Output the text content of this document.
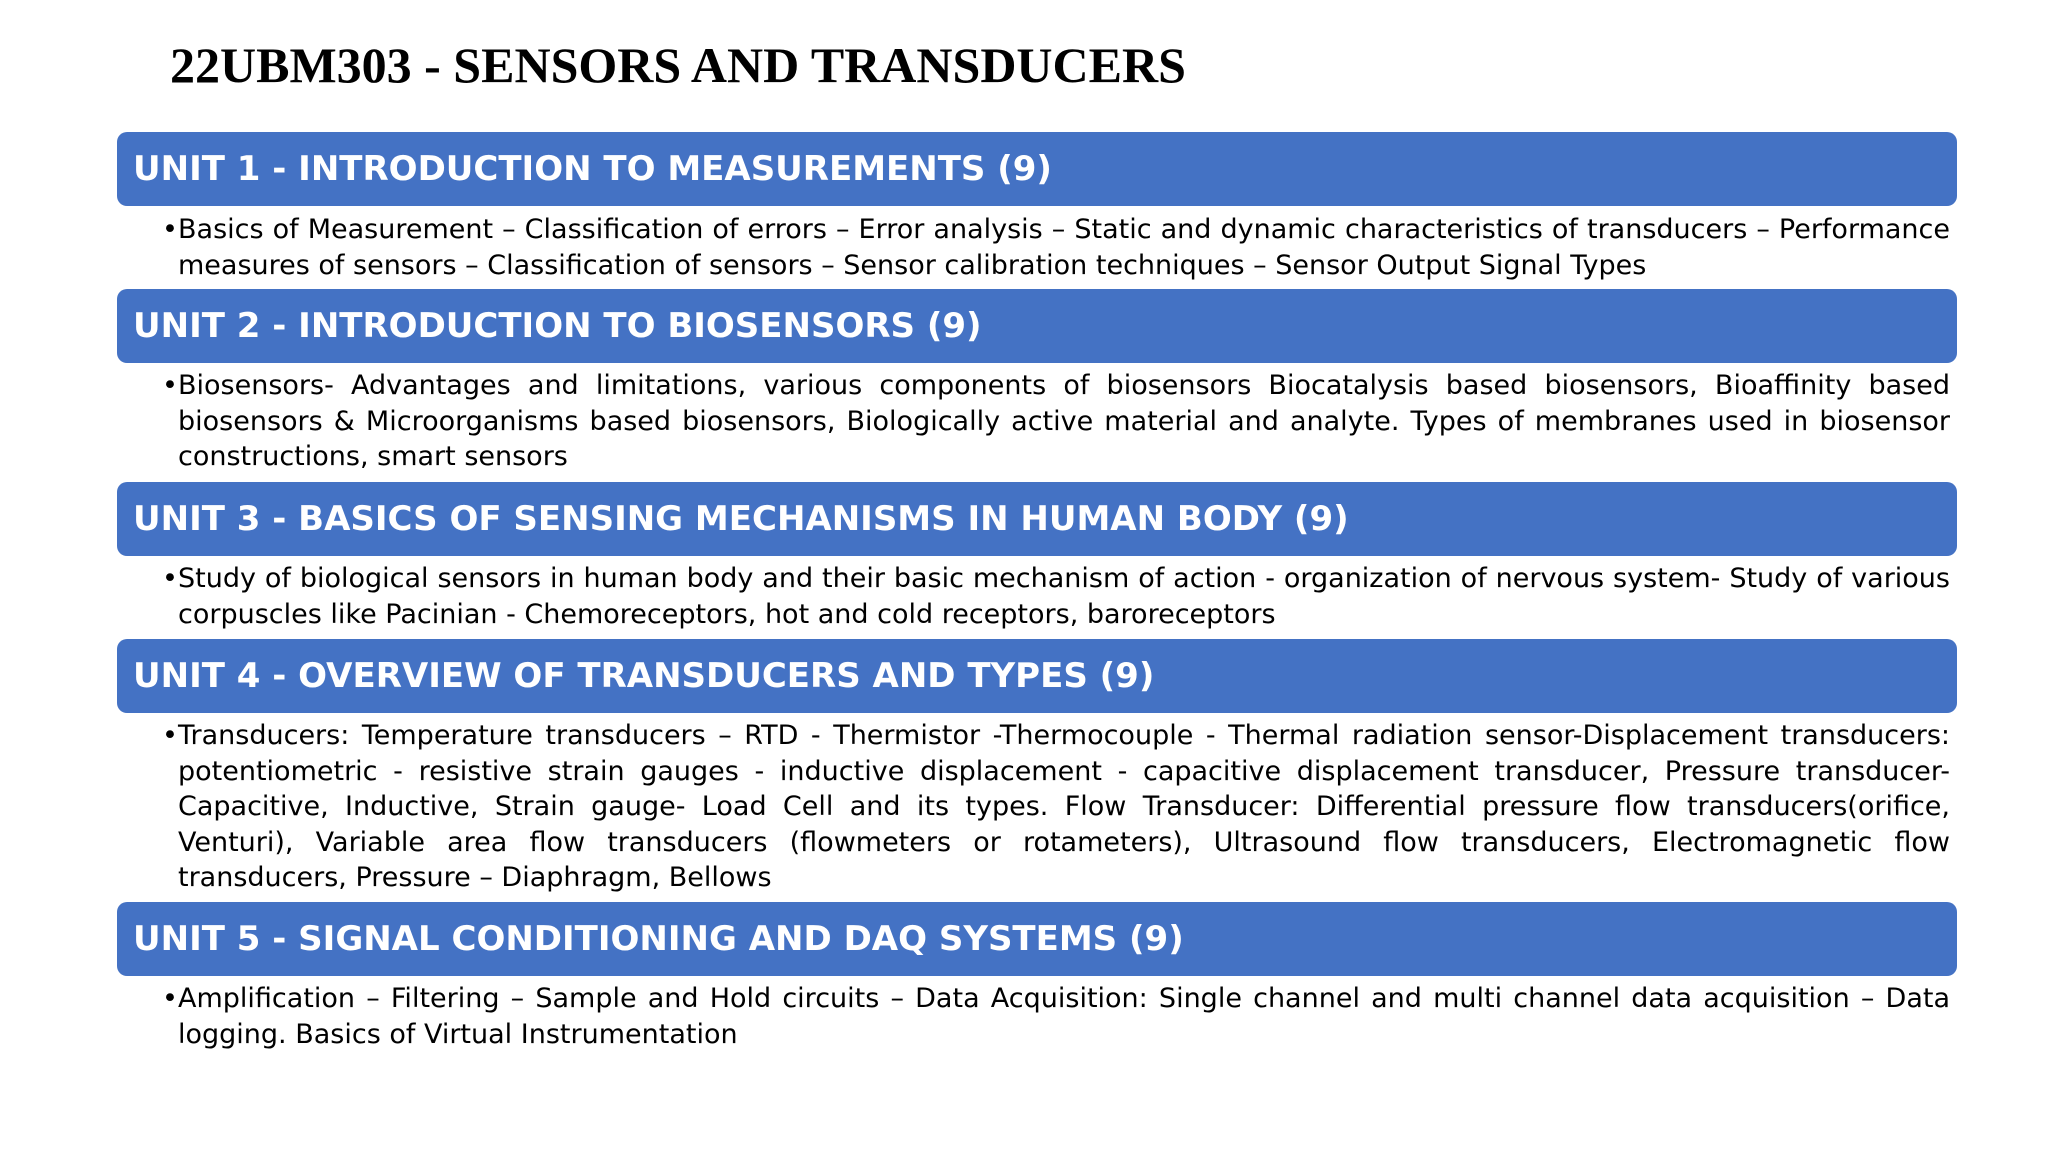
22UBM303 - SENSORS AND TRANSDUCERS
UNIT 1 - INTRODUCTION TO MEASUREMENTS (9)
• Basics of Measurement – Classification of errors – Error analysis – Static and dynamic characteristics of transducers – Performance measures of sensors – Classification of sensors – Sensor calibration techniques – Sensor Output Signal Types
UNIT 2 - INTRODUCTION TO BIOSENSORS (9)
• Biosensors- Advantages and limitations, various components of biosensors Biocatalysis based biosensors, Bioaffinity based biosensors & Microorganisms based biosensors, Biologically active material and analyte. Types of membranes used in biosensor constructions, smart sensors
UNIT 3 - BASICS OF SENSING MECHANISMS IN HUMAN BODY (9)
• Study of biological sensors in human body and their basic mechanism of action - organization of nervous system- Study of various corpuscles like Pacinian - Chemoreceptors, hot and cold receptors, baroreceptors
UNIT 4 - OVERVIEW OF TRANSDUCERS AND TYPES (9)
• Transducers: Temperature transducers – RTD - Thermistor -Thermocouple - Thermal radiation sensor-Displacement transducers: potentiometric - resistive strain gauges - inductive displacement - capacitive displacement transducer, Pressure transducer-Capacitive, Inductive, Strain gauge- Load Cell and its types. Flow Transducer: Differential pressure flow transducers(orifice, Venturi), Variable area flow transducers (flowmeters or rotameters), Ultrasound flow transducers, Electromagnetic flow transducers, Pressure – Diaphragm, Bellows
UNIT 5 - SIGNAL CONDITIONING AND DAQ SYSTEMS (9)
• Amplification – Filtering – Sample and Hold circuits – Data Acquisition: Single channel and multi channel data acquisition – Data logging. Basics of Virtual Instrumentation
